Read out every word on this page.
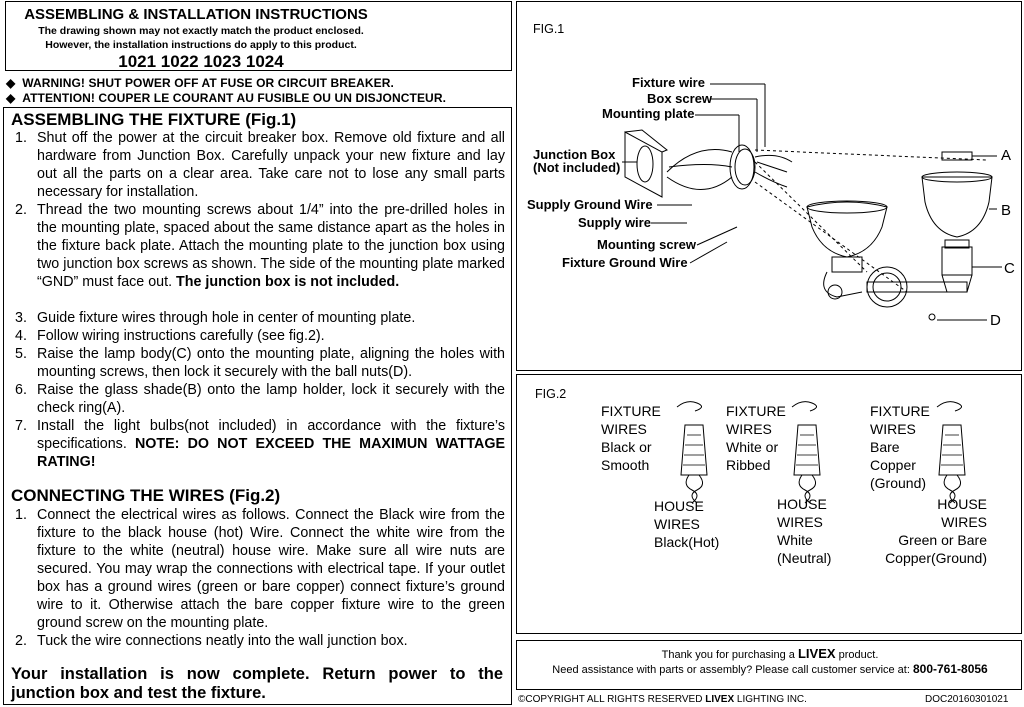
ASSEMBLING & INSTALLATION INSTRUCTIONS
The drawing shown may not exactly match the product enclosed.
However, the installation instructions do apply to this product.
1021 1022 1023 1024
◆ WARNING! SHUT POWER OFF AT FUSE OR CIRCUIT BREAKER.
◆ ATTENTION! COUPER LE COURANT AU FUSIBLE OU UN DISJONCTEUR.
ASSEMBLING THE FIXTURE (Fig.1)
1. Shut off the power at the circuit breaker box. Remove old fixture and all hardware from Junction Box. Carefully unpack your new fixture and lay out all the parts on a clear area. Take care not to lose any small parts necessary for installation.
2. Thread the two mounting screws about 1/4” into the pre-drilled holes in the mounting plate, spaced about the same distance apart as the holes in the fixture back plate. Attach the mounting plate to the junction box using two junction box screws as shown. The side of the mounting plate marked “GND” must face out. The junction box is not included.
3. Guide fixture wires through hole in center of mounting plate.
4. Follow wiring instructions carefully (see fig.2).
5. Raise the lamp body(C) onto the mounting plate, aligning the holes with mounting screws, then lock it securely with the ball nuts(D).
6. Raise the glass shade(B) onto the lamp holder, lock it securely with the check ring(A).
7. Install the light bulbs(not included) in accordance with the fixture’s specifications. NOTE: DO NOT EXCEED THE MAXIMUN WATTAGE RATING!
CONNECTING THE WIRES (Fig.2)
1. Connect the electrical wires as follows. Connect the Black wire from the fixture to the black house (hot) Wire. Connect the white wire from the fixture to the white (neutral) house wire. Make sure all wire nuts are secured. You may wrap the connections with electrical tape. If your outlet box has a ground wires (green or bare copper) connect fixture’s ground wire to it. Otherwise attach the bare copper fixture wire to the green ground screw on the mounting plate.
2. Tuck the wire connections neatly into the wall junction box.
Your installation is now complete. Return power to the junction box and test the fixture.
FIG.1
Fixture wire
Box screw
Mounting plate
Junction Box
(Not included)
Supply Ground Wire
Supply wire
Mounting screw
Fixture Ground Wire
A
B
C
D
FIG.2
FIXTURE
WIRES
Black or
Smooth
HOUSE
WIRES
Black(Hot)
FIXTURE
WIRES
White or
Ribbed
HOUSE
WIRES
White
(Neutral)
FIXTURE
WIRES
Bare
Copper
(Ground)
HOUSE
WIRES
Green or Bare
Copper(Ground)
Thank you for purchasing a LIVEX product.
Need assistance with parts or assembly? Please call customer service at: 800-761-8056
©COPYRIGHT ALL RIGHTS RESERVED LIVEX LIGHTING INC.	DOC20160301021
